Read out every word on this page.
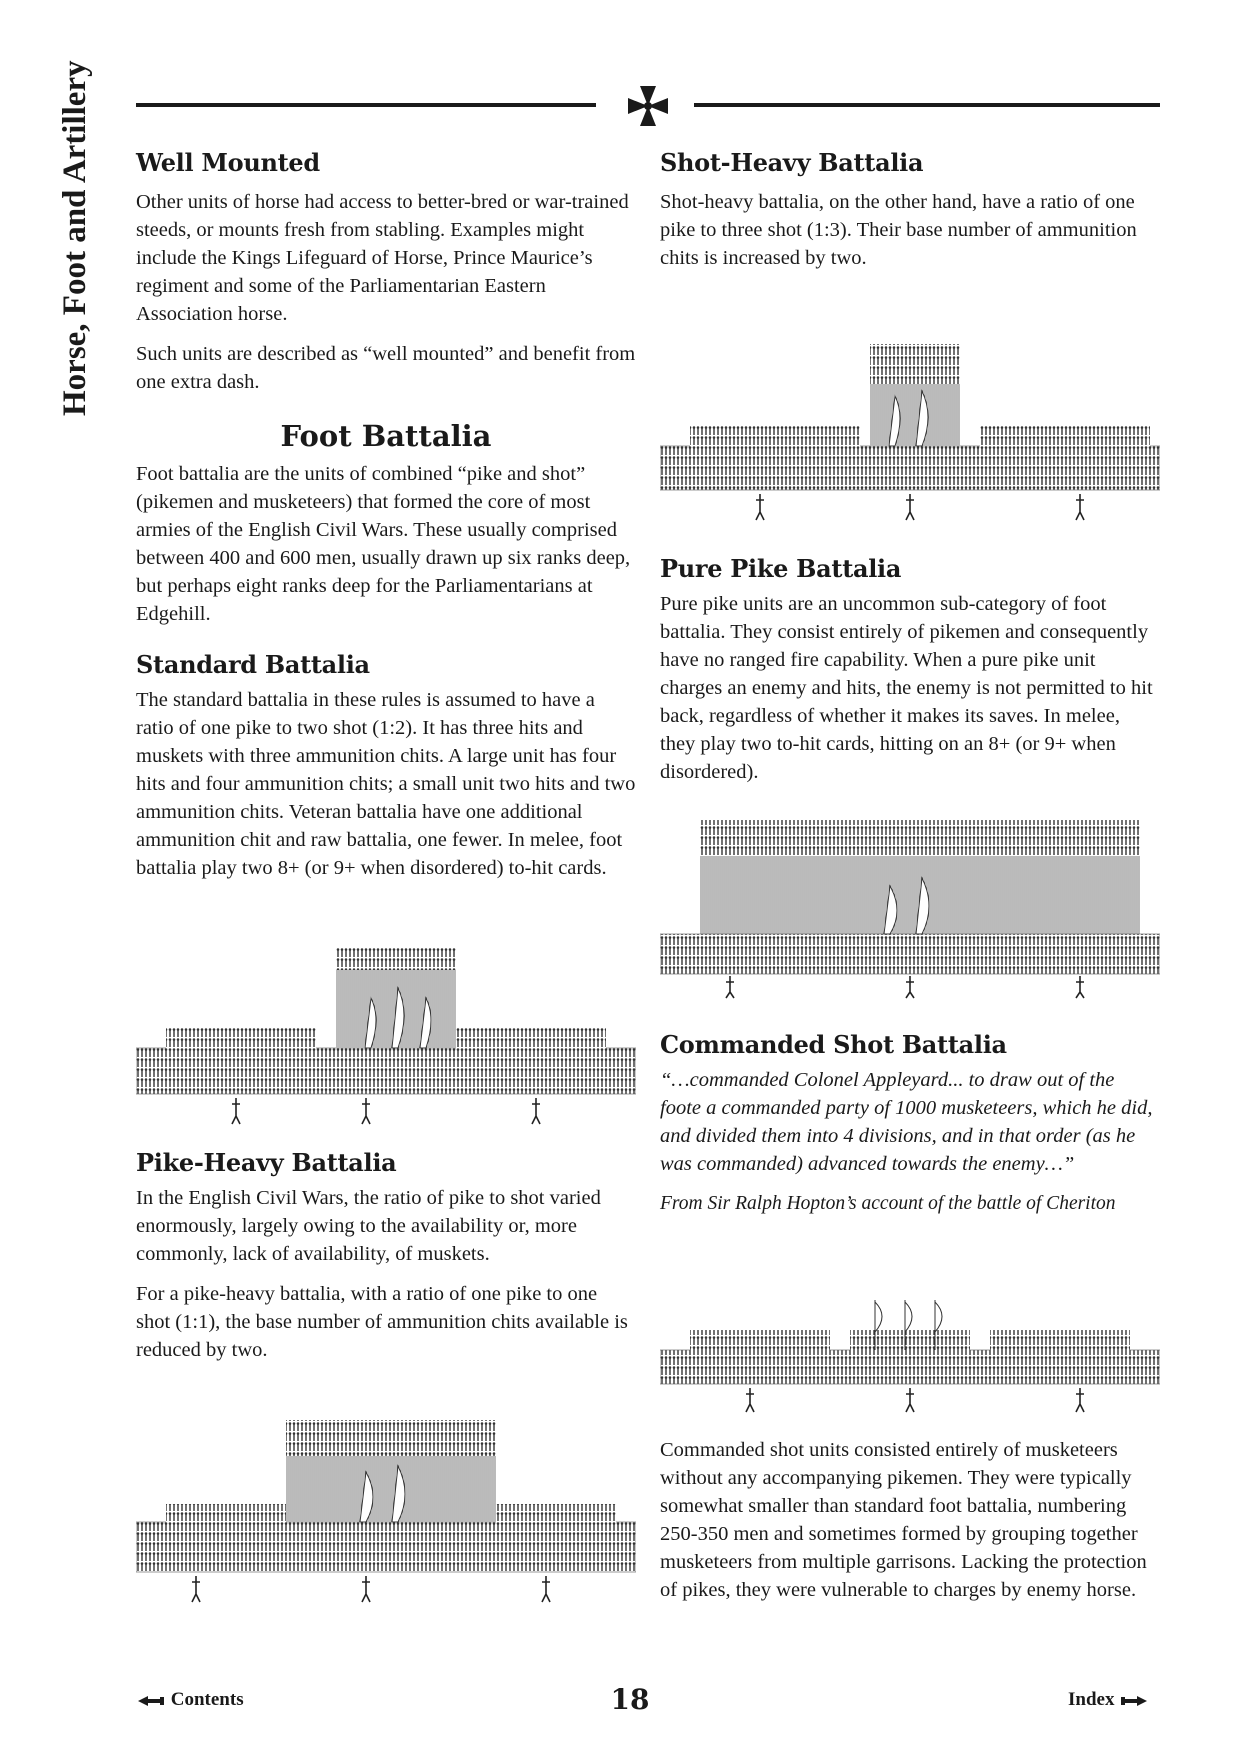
Horse, Foot and Artillery Well Mounted

Other units of horse had access to better-bred or war-trained steeds, or mounts fresh from stabling. Examples might include the Kings Lifeguard of Horse, Prince Maurice’s regiment and some of the Parliamentarian Eastern Association horse.

Such units are described as “well mounted” and benefit from one extra dash.

Foot Battalia

Foot battalia are the units of combined “pike and shot” (pikemen and musketeers) that formed the core of most armies of the English Civil Wars. These usually comprised between 400 and 600 men, usually drawn up six ranks deep, but perhaps eight ranks deep for the Parliamentarians at Edgehill.

Standard Battalia

The standard battalia in these rules is assumed to have a ratio of one pike to two shot (1:2). It has three hits and muskets with three ammunition chits. A large unit has four hits and four ammunition chits; a small unit two hits and two ammunition chits. Veteran battalia have one additional ammunition chit and raw battalia, one fewer. In melee, foot battalia play two 8+ (or 9+ when disordered) to-hit cards.

Pike-Heavy Battalia

In the English Civil Wars, the ratio of pike to shot varied enormously, largely owing to the availability or, more commonly, lack of availability, of muskets.

For a pike-heavy battalia, with a ratio of one pike to one shot (1:1), the base number of ammunition chits available is reduced by two.

Shot-Heavy Battalia

Shot-heavy battalia, on the other hand, have a ratio of one pike to three shot (1:3). Their base number of ammunition chits is increased by two.

Pure Pike Battalia

Pure pike units are an uncommon sub-category of foot battalia. They consist entirely of pikemen and consequently have no ranged fire capability. When a pure pike unit charges an enemy and hits, the enemy is not permitted to hit back, regardless of whether it makes its saves. In melee, they play two to-hit cards, hitting on an 8+ (or 9+ when disordered).

Commanded Shot Battalia

“…commanded Colonel Appleyard... to draw out of the foote a commanded party of 1000 musketeers, which he did, and divided them into 4 divisions, and in that order (as he was commanded) advanced towards the enemy…”

From Sir Ralph Hopton’s account of the battle of Cheriton

Commanded shot units consisted entirely of musketeers without any accompanying pikemen. They were typically somewhat smaller than standard foot battalia, numbering 250-350 men and sometimes formed by grouping together musketeers from multiple garrisons. Lacking the protection of pikes, they were vulnerable to charges by enemy horse.

Contents	18	Index
